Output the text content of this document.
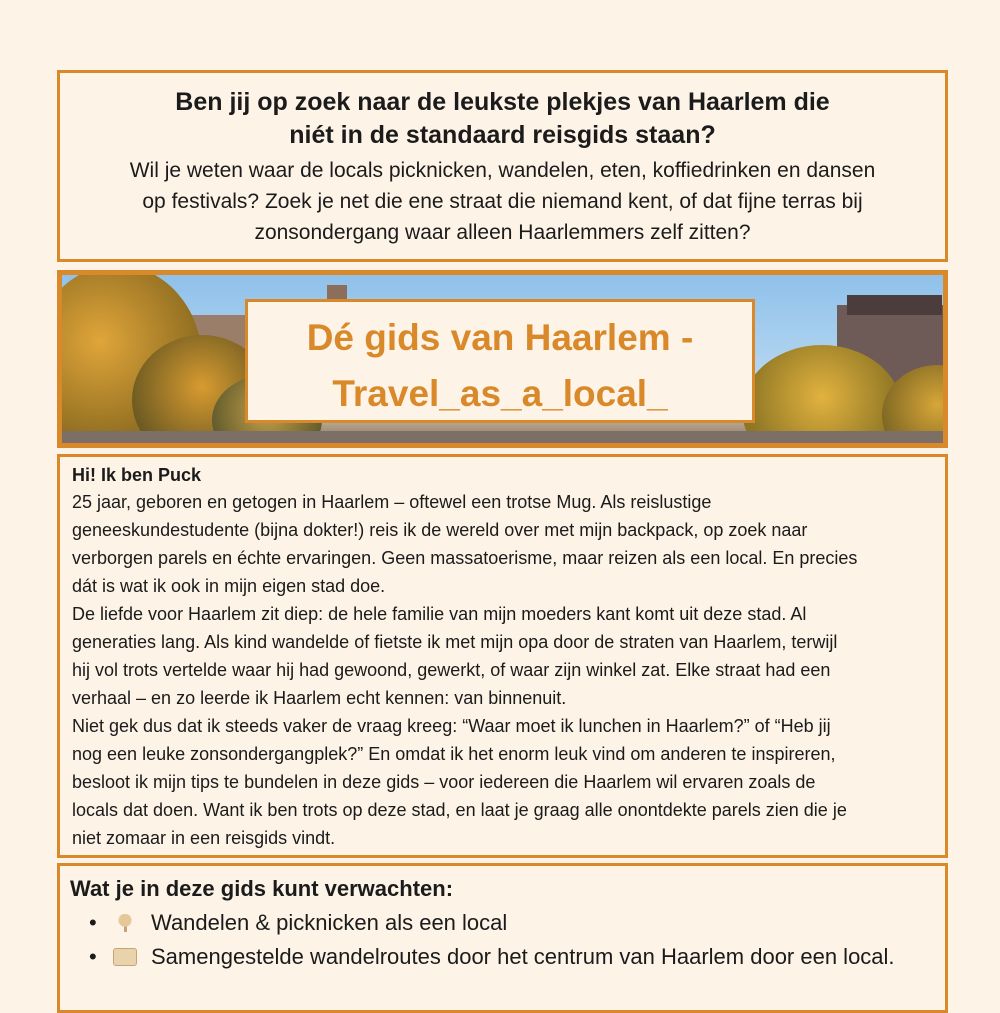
Ben jij op zoek naar de leukste plekjes van Haarlem die
niét in de standaard reisgids staan?
Wil je weten waar de locals picknicken, wandelen, eten, koffiedrinken en dansen
op festivals? Zoek je net die ene straat die niemand kent, of dat fijne terras bij
zonsondergang waar alleen Haarlemmers zelf zitten?
Dé gids van Haarlem -
Travel_as_a_local_
Hi! Ik ben Puck

25 jaar, geboren en getogen in Haarlem – oftewel een trotse Mug. Als reislustige

geneeskundestudente (bijna dokter!) reis ik de wereld over met mijn backpack, op zoek naar

verborgen parels en échte ervaringen. Geen massatoerisme, maar reizen als een local. En precies

dát is wat ik ook in mijn eigen stad doe.

De liefde voor Haarlem zit diep: de hele familie van mijn moeders kant komt uit deze stad. Al

generaties lang. Als kind wandelde of fietste ik met mijn opa door de straten van Haarlem, terwijl

hij vol trots vertelde waar hij had gewoond, gewerkt, of waar zijn winkel zat. Elke straat had een

verhaal – en zo leerde ik Haarlem echt kennen: van binnenuit.

Niet gek dus dat ik steeds vaker de vraag kreeg: “Waar moet ik lunchen in Haarlem?” of “Heb jij

nog een leuke zonsondergangplek?” En omdat ik het enorm leuk vind om anderen te inspireren,

besloot ik mijn tips te bundelen in deze gids – voor iedereen die Haarlem wil ervaren zoals de

locals dat doen. Want ik ben trots op deze stad, en laat je graag alle onontdekte parels zien die je

niet zomaar in een reisgids vindt.

Wat je in deze gids kunt verwachten:
• Wandelen & picknicken als een local
• Samengestelde wandelroutes door het centrum van Haarlem door een local.
